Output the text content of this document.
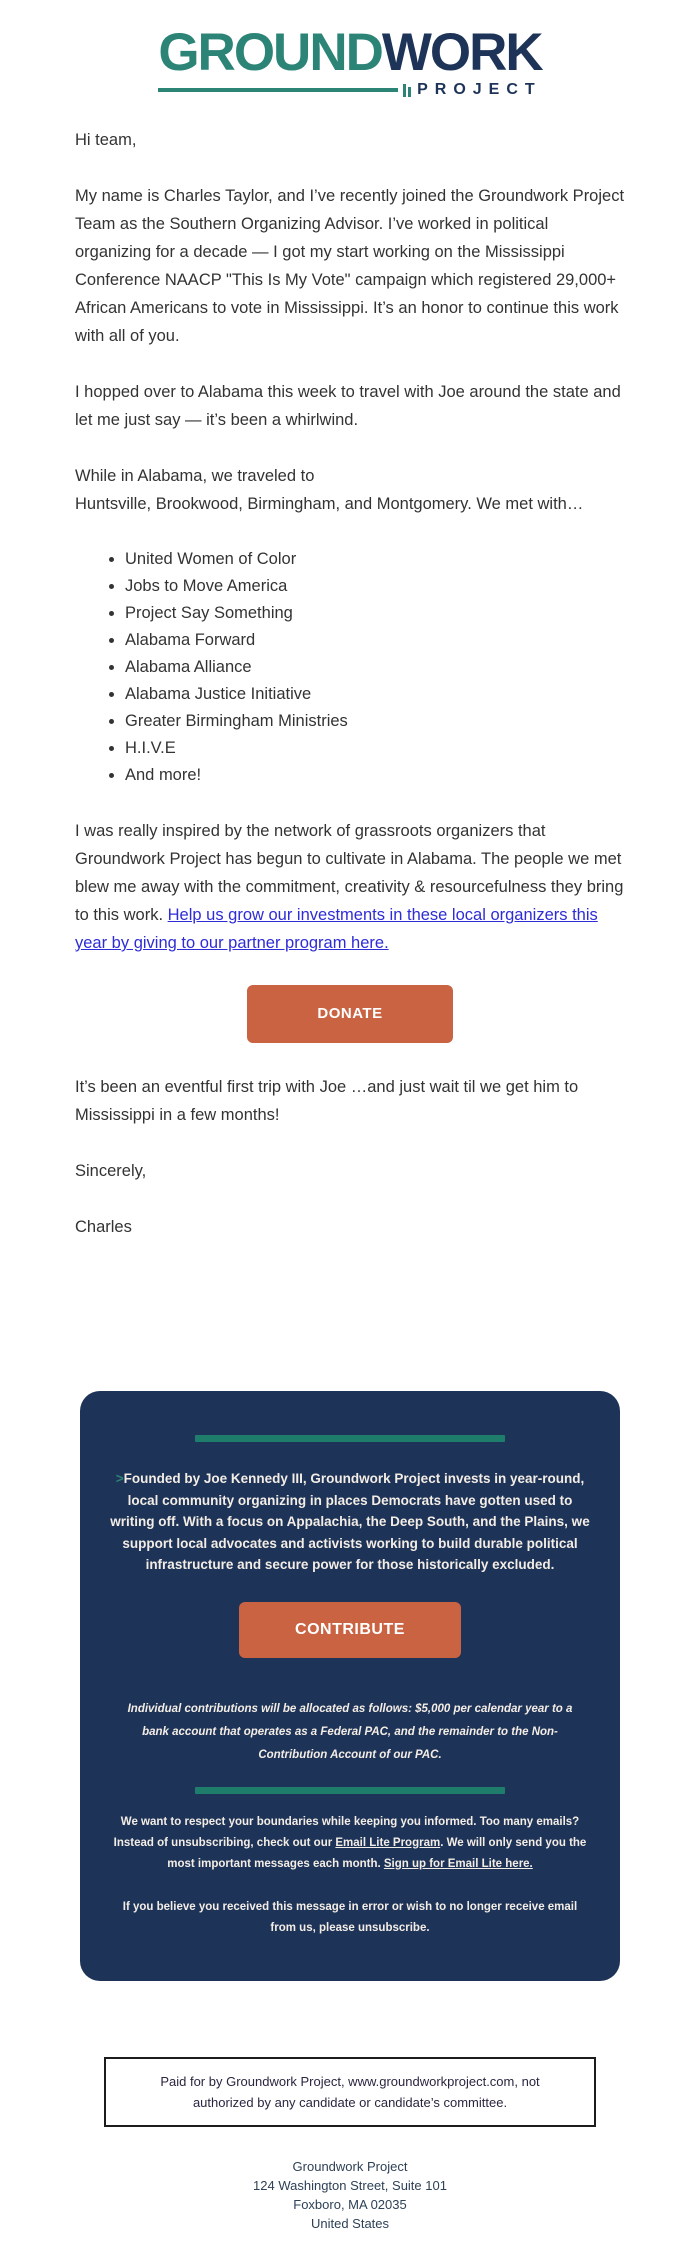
GROUNDWORK
PROJECT

Hi team,

My name is Charles Taylor, and I’ve recently joined the Groundwork Project Team as the Southern Organizing Advisor. I’ve worked in political organizing for a decade — I got my start working on the Mississippi Conference NAACP "This Is My Vote" campaign which registered 29,000+ African Americans to vote in Mississippi. It’s an honor to continue this work with all of you.

I hopped over to Alabama this week to travel with Joe around the state and let me just say — it’s been a whirlwind.

While in Alabama, we traveled to
Huntsville, Brookwood, Birmingham, and Montgomery. We met with…

• United Women of Color
• Jobs to Move America
• Project Say Something
• Alabama Forward
• Alabama Alliance
• Alabama Justice Initiative
• Greater Birmingham Ministries
• H.I.V.E
• And more!

I was really inspired by the network of grassroots organizers that Groundwork Project has begun to cultivate in Alabama. The people we met blew me away with the commitment, creativity & resourcefulness they bring to this work. Help us grow our investments in these local organizers this year by giving to our partner program here.

DONATE

It’s been an eventful first trip with Joe …and just wait til we get him to Mississippi in a few months!

Sincerely,

Charles

>Founded by Joe Kennedy III, Groundwork Project invests in year-round, local community organizing in places Democrats have gotten used to writing off. With a focus on Appalachia, the Deep South, and the Plains, we support local advocates and activists working to build durable political infrastructure and secure power for those historically excluded.

CONTRIBUTE

Individual contributions will be allocated as follows: $5,000 per calendar year to a bank account that operates as a Federal PAC, and the remainder to the Non-Contribution Account of our PAC.

We want to respect your boundaries while keeping you informed. Too many emails? Instead of unsubscribing, check out our Email Lite Program. We will only send you the most important messages each month. Sign up for Email Lite here.

If you believe you received this message in error or wish to no longer receive email from us, please unsubscribe.

Paid for by Groundwork Project, www.groundworkproject.com, not authorized by any candidate or candidate’s committee.
Groundwork Project
124 Washington Street, Suite 101
Foxboro, MA 02035
United States
